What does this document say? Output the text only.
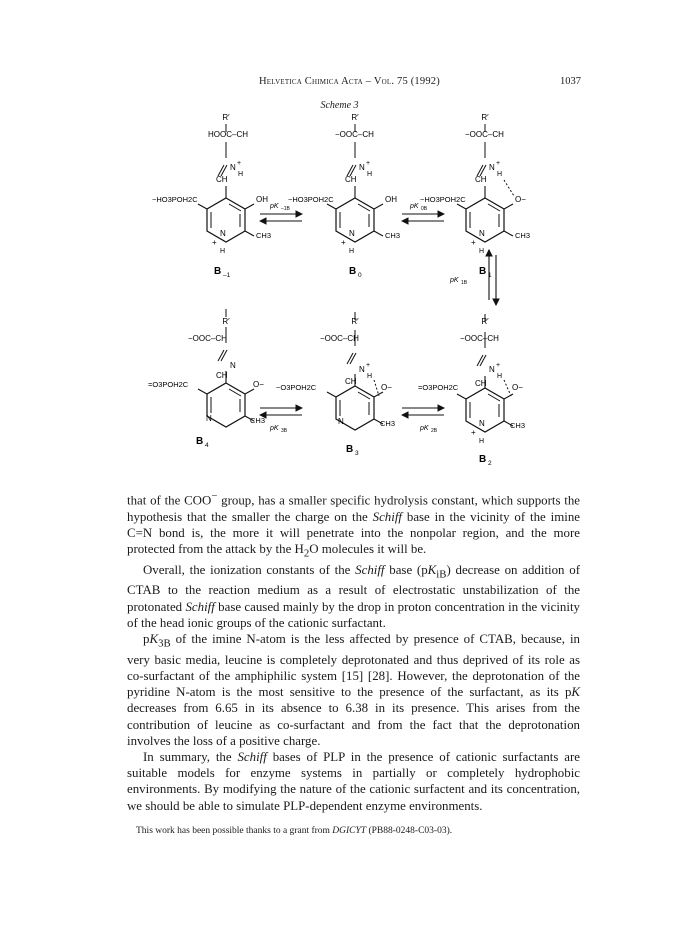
Helvetica Chimica Acta – Vol. 75 (1992)	1037
Scheme 3
R′
HOOC–CH
N +
H
CH
−HO3POH2C	OH
CH3
N
+
H
B –1
R′
−OOC–CH
N +
H
CH
−HO3POH2C	OH
CH3
N
+
H
B 0
R′
−OOC–CH
N +
H
CH
−HO3POH2C	O−
CH3
N
+
H
B 1
pK –1B	pK 0B
pK 1B
R′
−OOC–CH
N
CH
=O3POH2C	O−
CH3
N
B 4
R′
−OOC–CH
N +
H
CH
−O3POH2C	O−
CH3
N
B 3
R′
−OOC–CH
N +
H
CH
=O3POH2C	O−
CH3
N
+
H
B 2
pK 3B	pK 2B

that of the COO− group, has a smaller specific hydrolysis constant, which supports the hypothesis that the smaller the charge on the Schiff base in the vicinity of the imine C=N bond is, the more it will penetrate into the nonpolar region, and the more protected from the attack by the $H_2O$ molecules it will be.

Overall, the ionization constants of the Schiff base $(pK_{iB})$ decrease on addition of CTAB to the reaction medium as a result of electrostatic unstabilization of the protonated Schiff base caused mainly by the drop in proton concentration in the vicinity of the head ionic groups of the cationic surfactant.

$pK_{3B}$ of the imine N-atom is the less affected by presence of CTAB, because, in very basic media, leucine is completely deprotonated and thus deprived of its role as co-surfactant of the amphiphilic system [15] [28]. However, the deprotonation of the pyridine N-atom is the most sensitive to the presence of the surfactant, as its pK decreases from 6.65 in its absence to 6.38 in its presence. This arises from the contribution of leucine as co-surfactant and from the fact that the deprotonation involves the loss of a positive charge.

In summary, the Schiff bases of PLP in the presence of cationic surfactants are suitable models for enzyme systems in partially or completely hydrophobic environments. By modifying the nature of the cationic surfactent and its concentration, we should be able to simulate PLP-dependent enzyme environments.

This work has been possible thanks to a grant from DGICYT (PB88-0248-C03-03).
